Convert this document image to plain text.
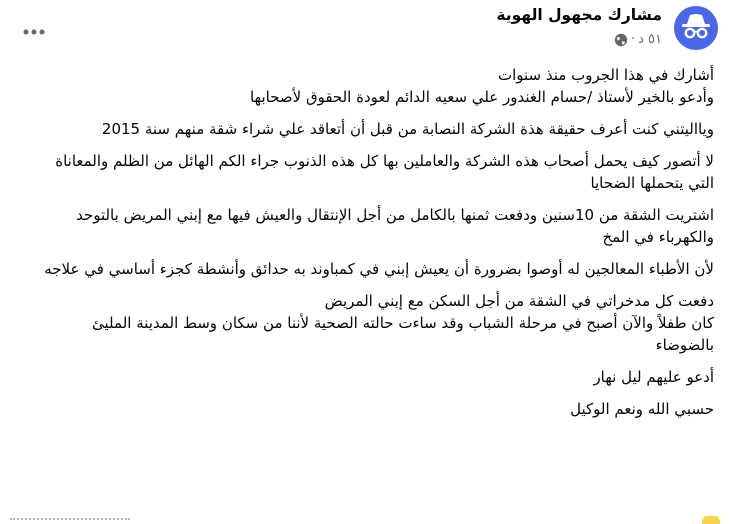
مشارك مجهول الهوية
٥١ د
·

أشارك في هذا الجروب منذ سنوات

وأدعو بالخير لأستاذ /حسام الغندور علي سعيه الدائم لعودة الحقوق لأصحابها

ويااليتني كنت أعرف حقيقة هذة الشركة النصابة من قبل أن أتعاقد علي شراء شقة منهم سنة 2015

لا أتصور كيف يحمل أصحاب هذه الشركة والعاملين بها كل هذه الذنوب جراء الكم الهائل من الظلم والمعاناة التي يتحملها الضحايا

اشتريت الشقة من 10سنين ودفعت ثمنها بالكامل من أجل الإنتقال والعيش فيها مع إبني المريض بالتوحد والكهرباء في المخ

لأن الأطباء المعالجين له أوصوا بضرورة أن يعيش إبني في كمباوند به حدائق وأنشطة كجزء أساسي في علاجه

دفعت كل مدخراتي في الشقة من أجل السكن مع إبني المريض

كان طفلاً والآن أصبح في مرحلة الشباب وقد ساءت حالته الصحية لأننا من سكان وسط المدينة المليئ بالضوضاء

أدعو عليهم ليل نهار

حسبي الله ونعم الوكيل
